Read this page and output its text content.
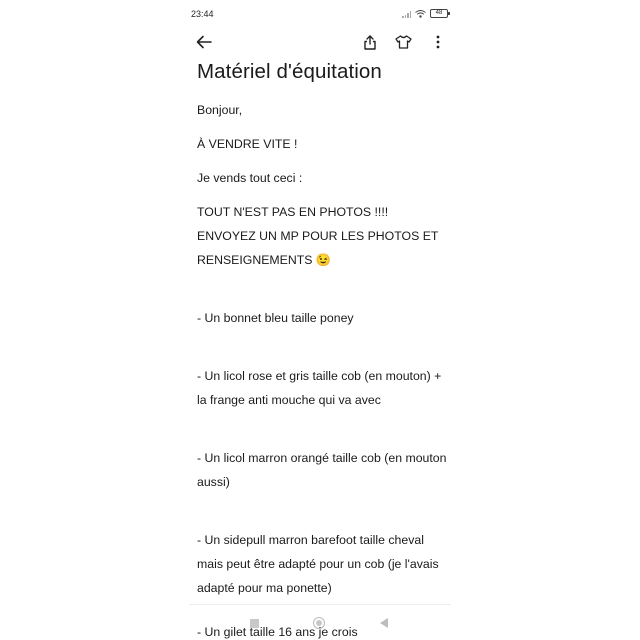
23:44	48
Matériel d'équitation

Bonjour,

À VENDRE VITE !

Je vends tout ceci :

TOUT N'EST PAS EN PHOTOS !!!! ENVOYEZ UN MP POUR LES PHOTOS ET RENSEIGNEMENTS 😉

- Un bonnet bleu taille poney

- Un licol rose et gris taille cob (en mouton) + la frange anti mouche qui va avec

- Un licol marron orangé taille cob (en mouton aussi)

- Un sidepull marron barefoot taille cheval mais peut être adapté pour un cob (je l'avais adapté pour ma ponette)

- Un gilet taille 16 ans je crois
